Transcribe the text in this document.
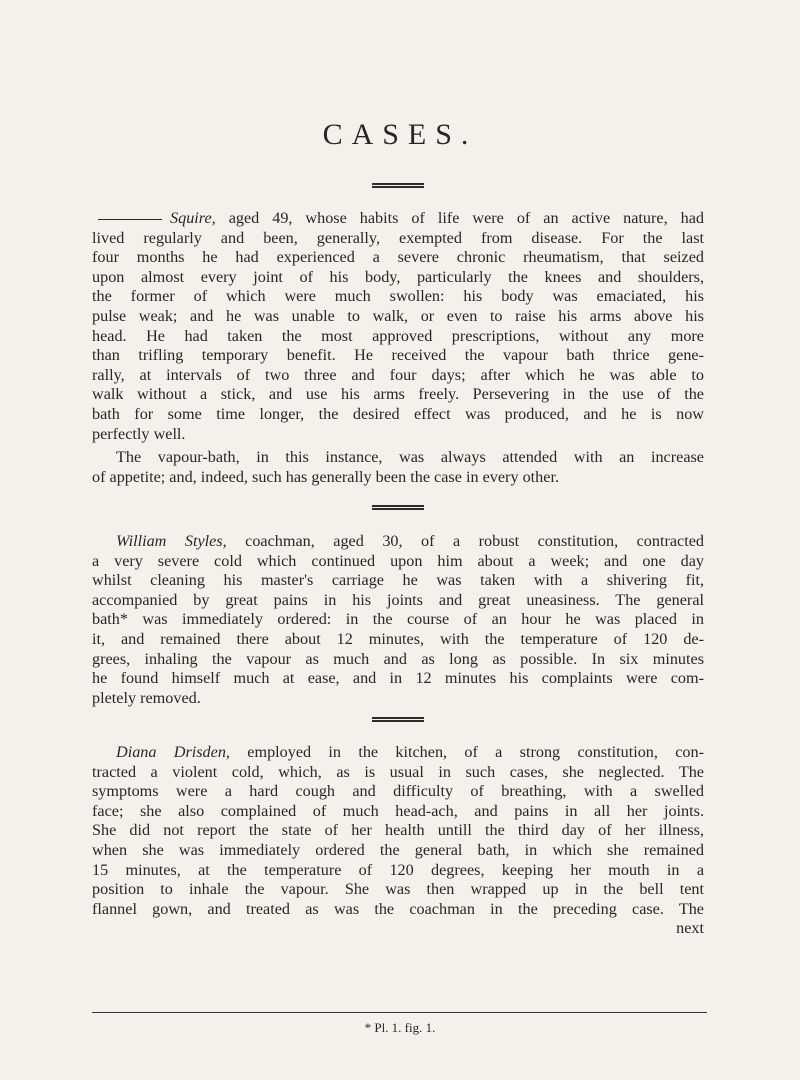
CASES.
Squire, aged 49, whose habits of life were of an active nature, had
lived regularly and been, generally, exempted from disease. For the last
four months he had experienced a severe chronic rheumatism, that seized
upon almost every joint of his body, particularly the knees and shoulders,
the former of which were much swollen: his body was emaciated, his
pulse weak; and he was unable to walk, or even to raise his arms above his
head. He had taken the most approved prescriptions, without any more
than trifling temporary benefit. He received the vapour bath thrice gene-
rally, at intervals of two three and four days; after which he was able to
walk without a stick, and use his arms freely. Persevering in the use of the
bath for some time longer, the desired effect was produced, and he is now
perfectly well.
The vapour-bath, in this instance, was always attended with an increase
of appetite; and, indeed, such has generally been the case in every other.
William Styles, coachman, aged 30, of a robust constitution, contracted
a very severe cold which continued upon him about a week; and one day
whilst cleaning his master's carriage he was taken with a shivering fit,
accompanied by great pains in his joints and great uneasiness. The general
bath* was immediately ordered: in the course of an hour he was placed in
it, and remained there about 12 minutes, with the temperature of 120 de-
grees, inhaling the vapour as much and as long as possible. In six minutes
he found himself much at ease, and in 12 minutes his complaints were com-
pletely removed.
Diana Drisden, employed in the kitchen, of a strong constitution, con-
tracted a violent cold, which, as is usual in such cases, she neglected. The
symptoms were a hard cough and difficulty of breathing, with a swelled
face; she also complained of much head-ach, and pains in all her joints.
She did not report the state of her health untill the third day of her illness,
when she was immediately ordered the general bath, in which she remained
15 minutes, at the temperature of 120 degrees, keeping her mouth in a
position to inhale the vapour. She was then wrapped up in the bell tent
flannel gown, and treated as was the coachman in the preceding case. The
next
* Pl. 1. fig. 1.
